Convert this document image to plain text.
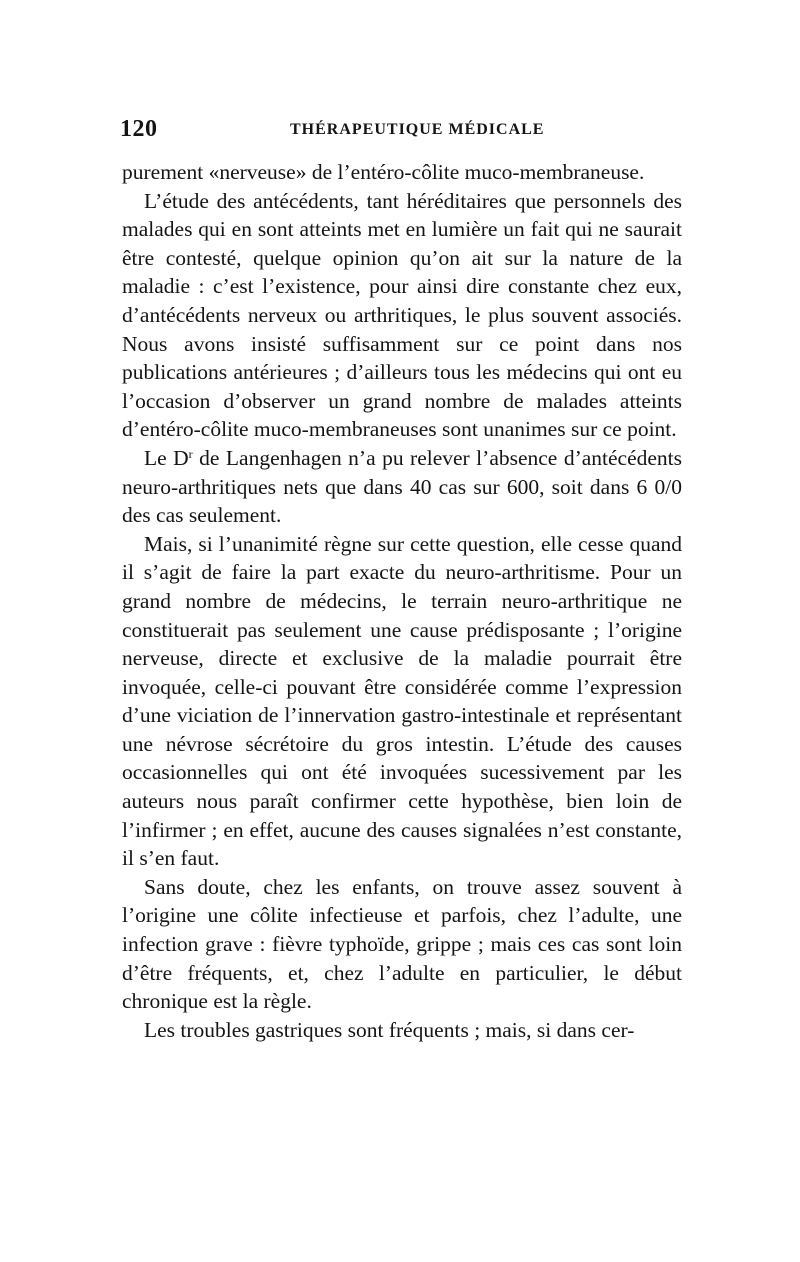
120	THÉRAPEUTIQUE MÉDICALE

purement «nerveuse» de l’entéro-côlite muco-membraneuse.

L’étude des antécédents, tant héréditaires que personnels des malades qui en sont atteints met en lumière un fait qui ne saurait être contesté, quelque opinion qu’on ait sur la nature de la maladie : c’est l’existence, pour ainsi dire constante chez eux, d’antécédents nerveux ou arthritiques, le plus souvent associés. Nous avons insisté suffisamment sur ce point dans nos publications antérieures ; d’ailleurs tous les médecins qui ont eu l’occasion d’observer un grand nombre de malades atteints d’entéro-côlite muco-membraneuses sont unanimes sur ce point.

Le $D^r$ de Langenhagen n’a pu relever l’absence d’antécédents neuro-arthritiques nets que dans 40 cas sur 600, soit dans 6 0/0 des cas seulement.

Mais, si l’unanimité règne sur cette question, elle cesse quand il s’agit de faire la part exacte du neuro-arthritisme. Pour un grand nombre de médecins, le terrain neuro-arthritique ne constituerait pas seulement une cause prédisposante ; l’origine nerveuse, directe et exclusive de la maladie pourrait être invoquée, celle-ci pouvant être considérée comme l’expression d’une viciation de l’innervation gastro-intestinale et représentant une névrose sécrétoire du gros intestin. L’étude des causes occasionnelles qui ont été invoquées sucessivement par les auteurs nous paraît confirmer cette hypothèse, bien loin de l’infirmer ; en effet, aucune des causes signalées n’est constante, il s’en faut.

Sans doute, chez les enfants, on trouve assez souvent à l’origine une côlite infectieuse et parfois, chez l’adulte, une infection grave : fièvre typhoïde, grippe ; mais ces cas sont loin d’être fréquents, et, chez l’adulte en particulier, le début chronique est la règle.

Les troubles gastriques sont fréquents ; mais, si dans cer-
